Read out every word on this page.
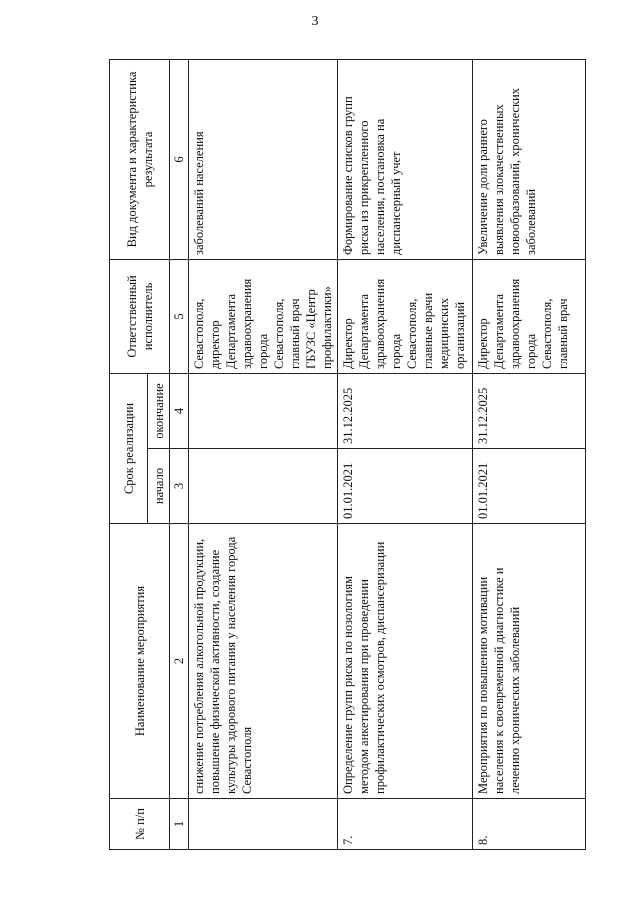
3
№ п/п	Наименование мероприятия	Срок реализации		Ответственный исполнитель	Вид документа и характеристика результата
		начало	окончание		
1	2	3	4	5	6
	снижение потребления алкогольной продукции, повышение физической активности, создание культуры здорового питания у населения города Севастополя			Севастополя, директор Департамента здравоохранения города Севастополя, главный врач ГБУЗС «Центр профилактики»	заболеваний населения
7.	Определение групп риска по нозологиям методом анкетирования при проведении профилактических осмотров, диспансеризации	01.01.2021	31.12.2025	Директор Департамента здравоохранения города Севастополя, главные врачи медицинских организаций	Формирование списков групп риска из прикрепленного населения, постановка на диспансерный учет
8.	Мероприятия по повышению мотивации населения к своевременной диагностике и лечению хронических заболеваний	01.01.2021	31.12.2025	Директор Департамента здравоохранения города Севастополя, главный врач	Увеличение доли раннего выявления злокачественных новообразований, хронических заболеваний
